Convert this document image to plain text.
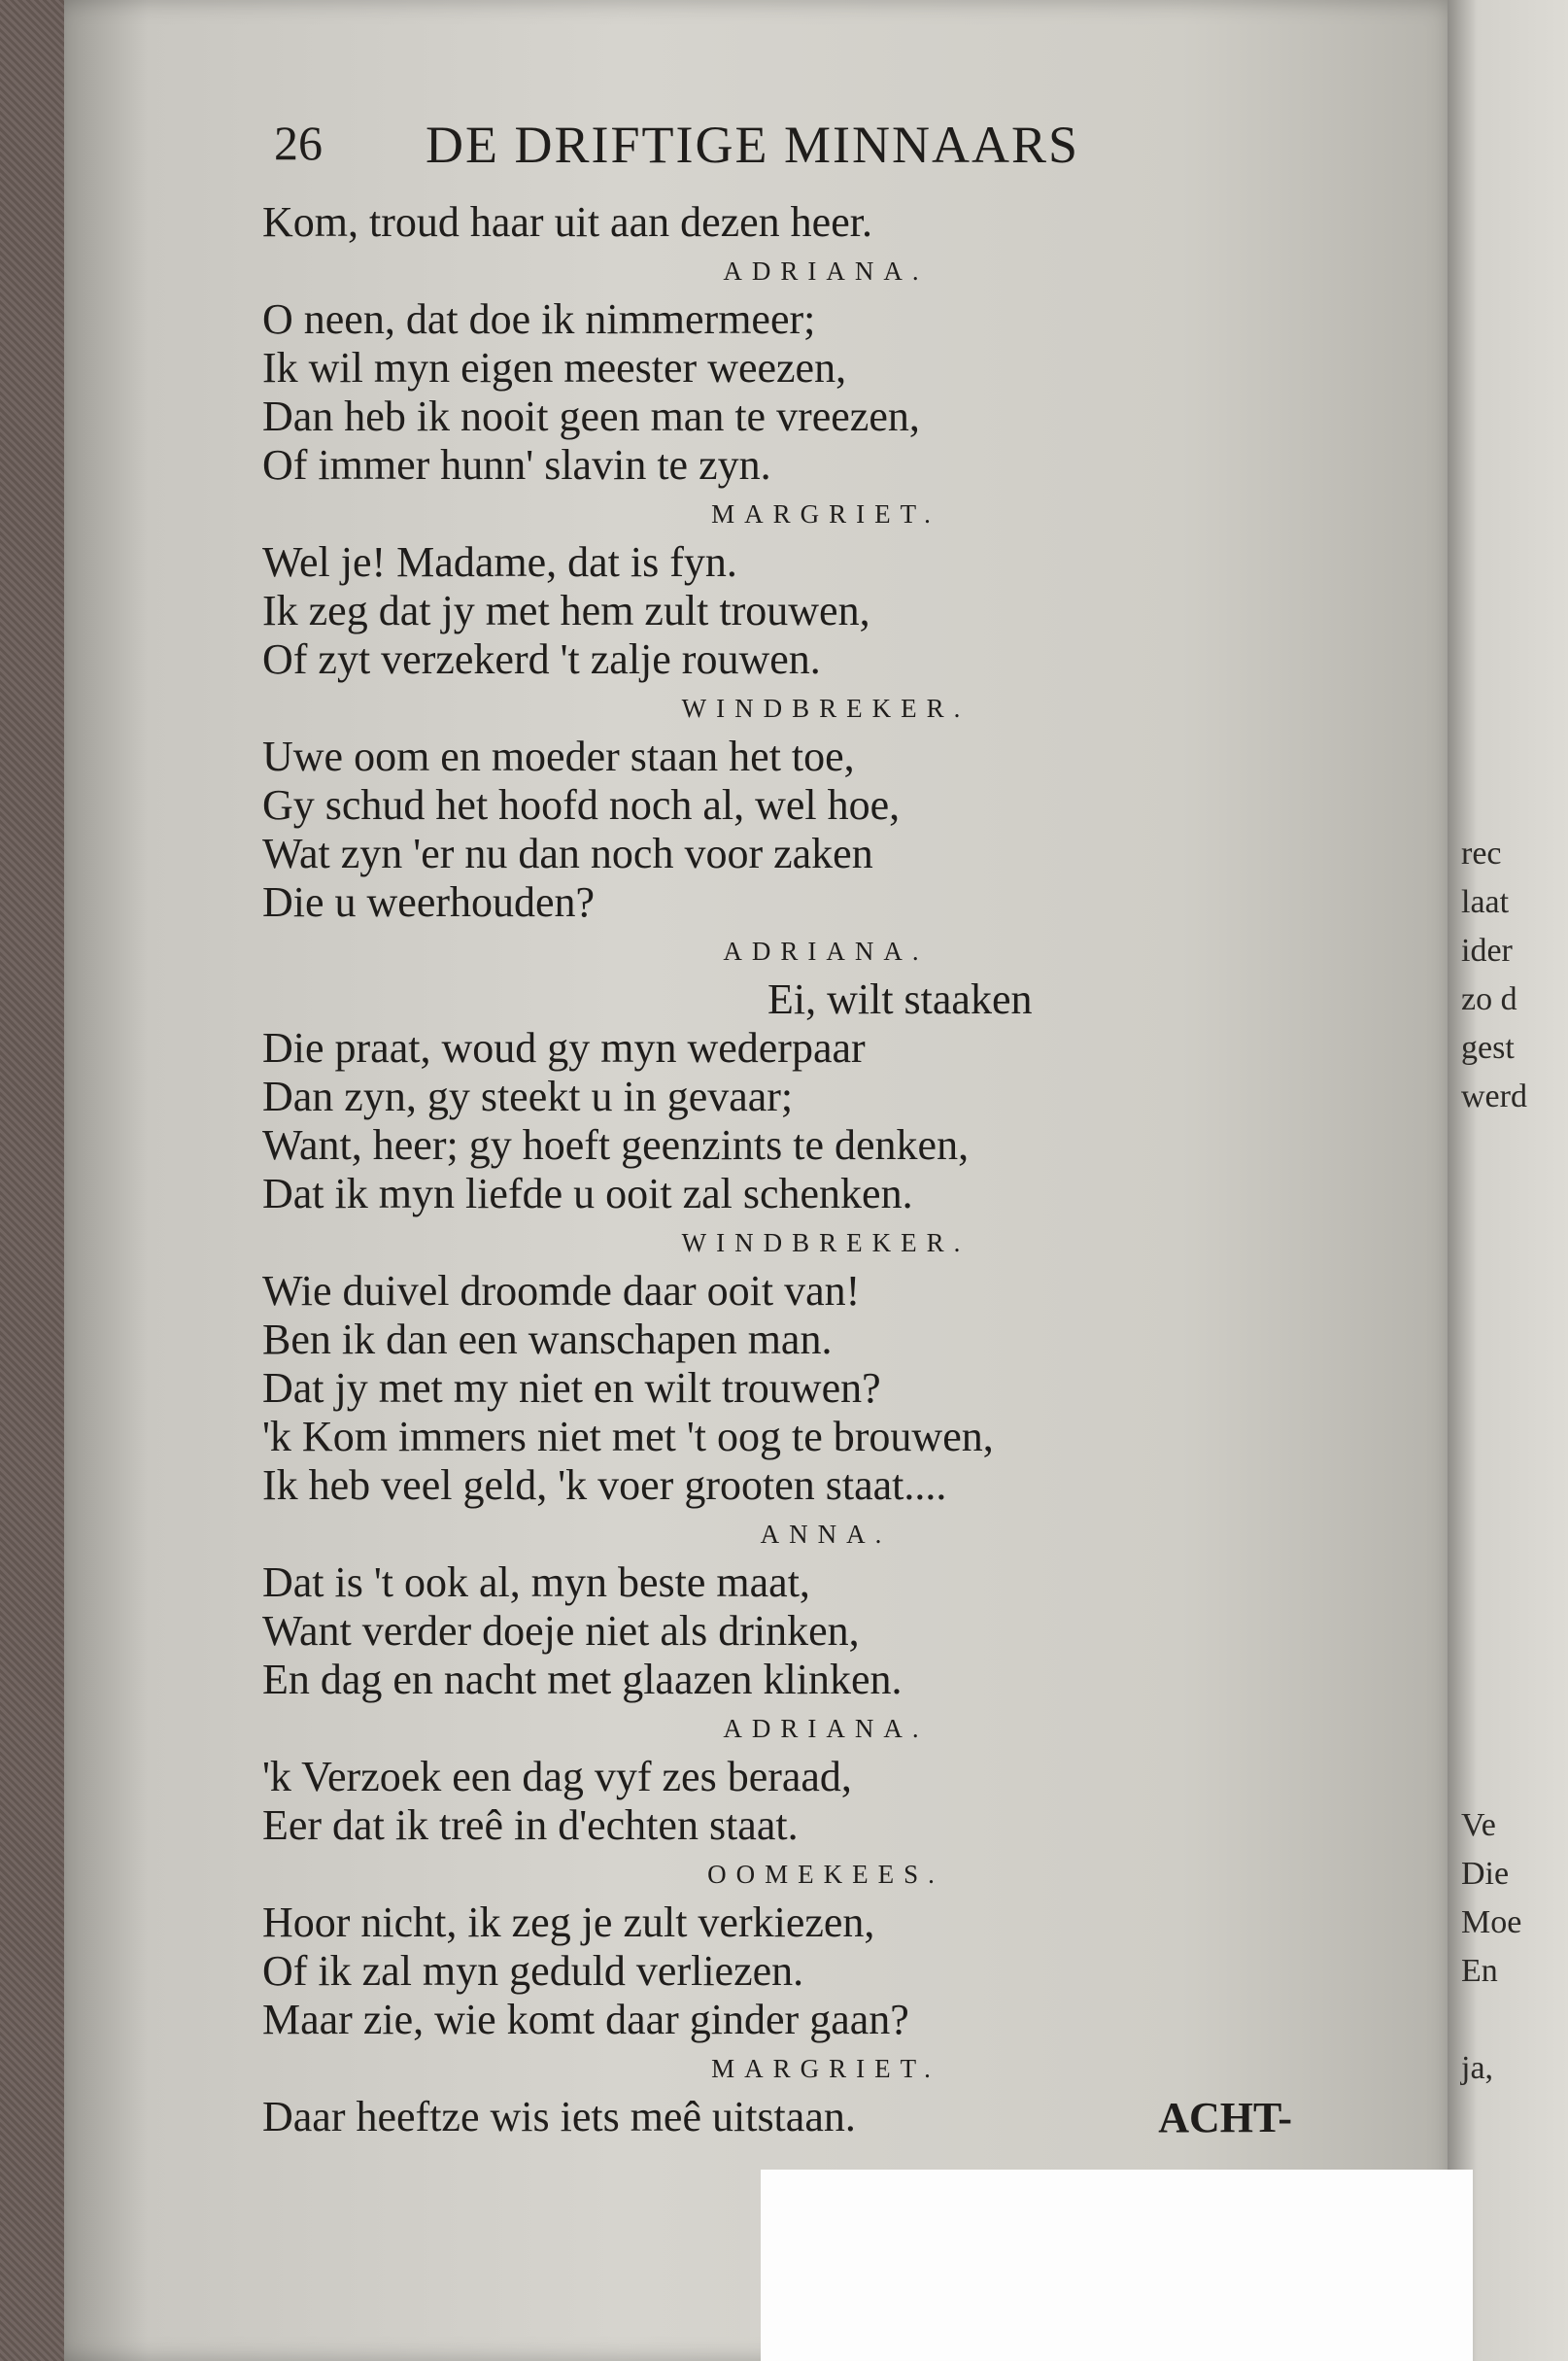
Ve
Die
Moe
En
ja,
rec
laat
ider
zo d
gest
werd
26 DE DRIFTIGE MINNAARS
Kom, troud haar uit aan dezen heer.
ADRIANA.
O neen, dat doe ik nimmermeer;
Ik wil myn eigen meester weezen,
Dan heb ik nooit geen man te vreezen,
Of immer hunn' slavin te zyn.
MARGRIET.
Wel je! Madame, dat is fyn.
Ik zeg dat jy met hem zult trouwen,
Of zyt verzekerd 't zalje rouwen.
WINDBREKER.
Uwe oom en moeder staan het toe,
Gy schud het hoofd noch al, wel hoe,
Wat zyn 'er nu dan noch voor zaken
Die u weerhouden?
ADRIANA.
Ei, wilt staaken
Die praat, woud gy myn wederpaar
Dan zyn, gy steekt u in gevaar;
Want, heer; gy hoeft geenzints te denken,
Dat ik myn liefde u ooit zal schenken.
WINDBREKER.
Wie duivel droomde daar ooit van!
Ben ik dan een wanschapen man.
Dat jy met my niet en wilt trouwen?
'k Kom immers niet met 't oog te brouwen,
Ik heb veel geld, 'k voer grooten staat....
ANNA.
Dat is 't ook al, myn beste maat,
Want verder doeje niet als drinken,
En dag en nacht met glaazen klinken.
ADRIANA.
'k Verzoek een dag vyf zes beraad,
Eer dat ik treê in d'echten staat.
OOMEKEES.
Hoor nicht, ik zeg je zult verkiezen,
Of ik zal myn geduld verliezen.
Maar zie, wie komt daar ginder gaan?
MARGRIET.
Daar heeftze wis iets meê uitstaan.	ACHT-
